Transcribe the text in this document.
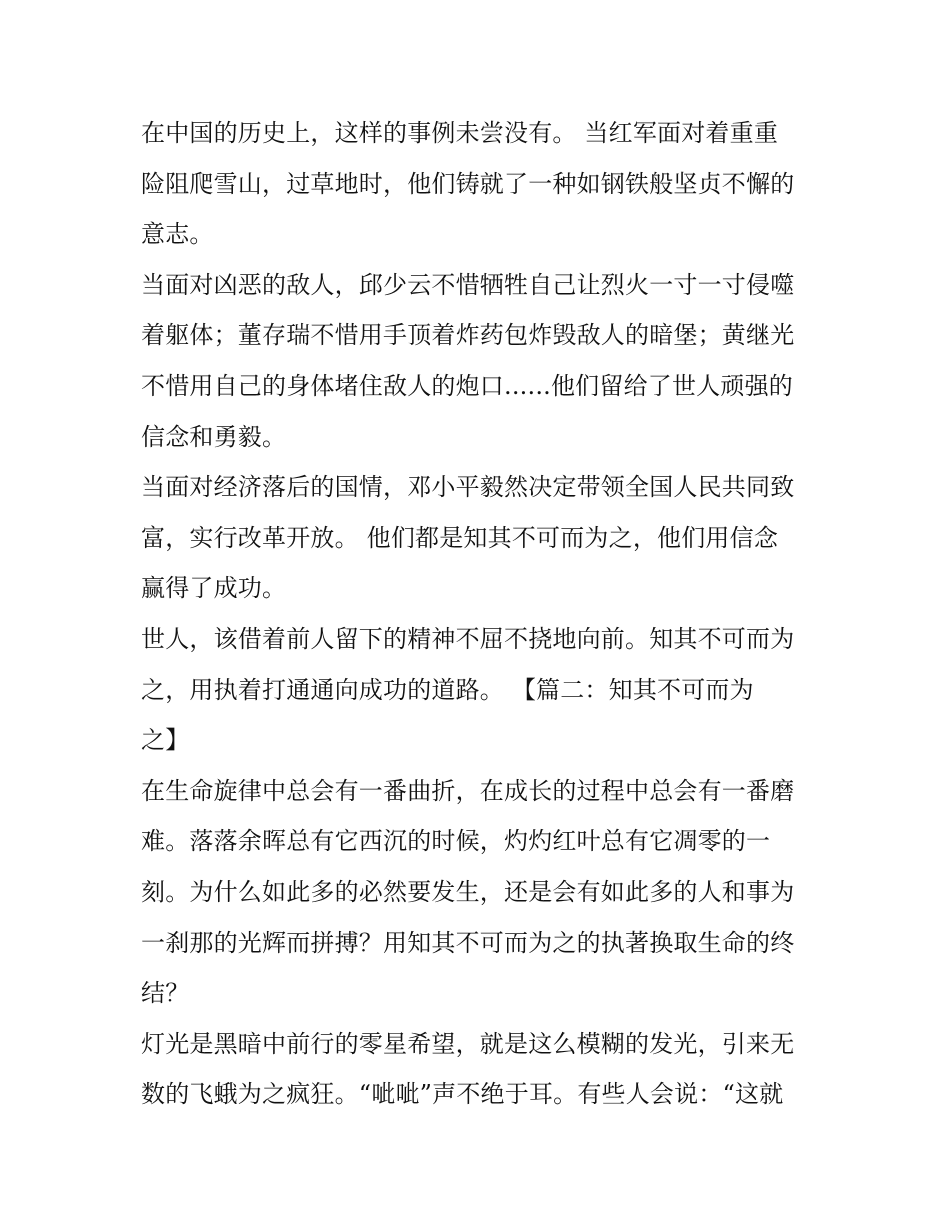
在中国的历史上，这样的事例未尝没有。 当红军面对着重重
险阻爬雪山，过草地时，他们铸就了一种如钢铁般坚贞不懈的
意志。
当面对凶恶的敌人，邱少云不惜牺牲自己让烈火一寸一寸侵噬
着躯体；董存瑞不惜用手顶着炸药包炸毁敌人的暗堡；黄继光
不惜用自己的身体堵住敌人的炮口......他们留给了世人顽强的
信念和勇毅。
当面对经济落后的国情，邓小平毅然决定带领全国人民共同致
富，实行改革开放。 他们都是知其不可而为之，他们用信念
赢得了成功。
世人，该借着前人留下的精神不屈不挠地向前。知其不可而为
之，用执着打通通向成功的道路。 【篇二：知其不可而为
之】
在生命旋律中总会有一番曲折，在成长的过程中总会有一番磨
难。落落余晖总有它西沉的时候，灼灼红叶总有它凋零的一
刻。为什么如此多的必然要发生，还是会有如此多的人和事为
一刹那的光辉而拼搏？用知其不可而为之的执著换取生命的终
结？
灯光是黑暗中前行的零星希望，就是这么模糊的发光，引来无
数的飞蛾为之疯狂。“呲呲”声不绝于耳。有些人会说：“这就
